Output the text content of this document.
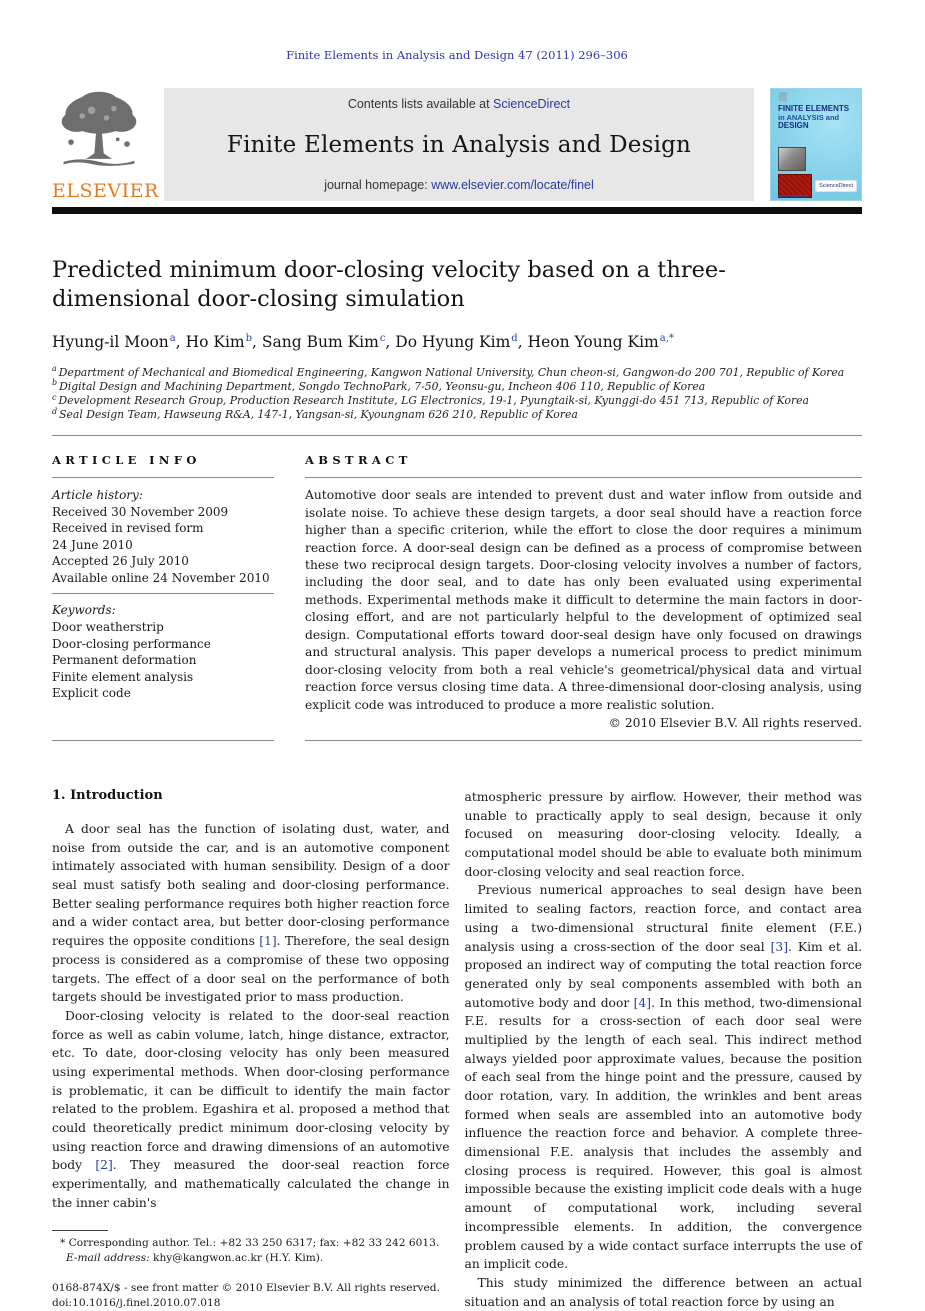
Finite Elements in Analysis and Design 47 (2011) 296–306
ELSEVIER
Contents lists available at ScienceDirect
Finite Elements in Analysis and Design
journal homepage: www.elsevier.com/locate/finel
FINITE ELEMENTS
in ANALYSIS and
DESIGN
ScienceDirect
Predicted minimum door-closing velocity based on a three-dimensional door-closing simulation
Hyung-il Moon$^a$ , Ho Kim$^b$ , Sang Bum Kim$^c$ , Do Hyung Kim$^d$ , Heon Young Kim$^{a,*}$
$^a$ Department of Mechanical and Biomedical Engineering, Kangwon National University, Chun cheon-si, Gangwon-do 200 701, Republic of Korea
$^b$ Digital Design and Machining Department, Songdo TechnoPark, 7-50, Yeonsu-gu, Incheon 406 110, Republic of Korea
$^c$ Development Research Group, Production Research Institute, LG Electronics, 19-1, Pyungtaik-si, Kyunggi-do 451 713, Republic of Korea
$^d$ Seal Design Team, Hawseung R&A, 147-1, Yangsan-si, Kyoungnam 626 210, Republic of Korea
ARTICLE INFO
Article history:
Received 30 November 2009
Received in revised form
24 June 2010
Accepted 26 July 2010
Available online 24 November 2010
Keywords:
Door weatherstrip
Door-closing performance
Permanent deformation
Finite element analysis
Explicit code
ABSTRACT
Automotive door seals are intended to prevent dust and water inflow from outside and isolate noise. To achieve these design targets, a door seal should have a reaction force higher than a specific criterion, while the effort to close the door requires a minimum reaction force. A door-seal design can be defined as a process of compromise between these two reciprocal design targets. Door-closing velocity involves a number of factors, including the door seal, and to date has only been evaluated using experimental methods. Experimental methods make it difficult to determine the main factors in door-closing effort, and are not particularly helpful to the development of optimized seal design. Computational efforts toward door-seal design have only focused on drawings and structural analysis. This paper develops a numerical process to predict minimum door-closing velocity from both a real vehicle's geometrical/physical data and virtual reaction force versus closing time data. A three-dimensional door-closing analysis, using explicit code was introduced to produce a more realistic solution.
© 2010 Elsevier B.V. All rights reserved.
1. Introduction

A door seal has the function of isolating dust, water, and noise from outside the car, and is an automotive component intimately associated with human sensibility. Design of a door seal must satisfy both sealing and door-closing performance. Better sealing performance requires both higher reaction force and a wider contact area, but better door-closing performance requires the opposite conditions [1]. Therefore, the seal design process is considered as a compromise of these two opposing targets. The effect of a door seal on the performance of both targets should be investigated prior to mass production.

Door-closing velocity is related to the door-seal reaction force as well as cabin volume, latch, hinge distance, extractor, etc. To date, door-closing velocity has only been measured using experimental methods. When door-closing performance is problematic, it can be difficult to identify the main factor related to the problem. Egashira et al. proposed a method that could theoretically predict minimum door-closing velocity by using reaction force and drawing dimensions of an automotive body [2]. They measured the door-seal reaction force experimentally, and mathematically calculated the change in the inner cabin's

* Corresponding author. Tel.: +82 33 250 6317; fax: +82 33 242 6013.
E-mail address: khy@kangwon.ac.kr (H.Y. Kim).
0168-874X/$ - see front matter © 2010 Elsevier B.V. All rights reserved.
doi:10.1016/j.finel.2010.07.018

atmospheric pressure by airflow. However, their method was unable to practically apply to seal design, because it only focused on measuring door-closing velocity. Ideally, a computational model should be able to evaluate both minimum door-closing velocity and seal reaction force.

Previous numerical approaches to seal design have been limited to sealing factors, reaction force, and contact area using a two-dimensional structural finite element (F.E.) analysis using a cross-section of the door seal [3]. Kim et al. proposed an indirect way of computing the total reaction force generated only by seal components assembled with both an automotive body and door [4]. In this method, two-dimensional F.E. results for a cross-section of each door seal were multiplied by the length of each seal. This indirect method always yielded poor approximate values, because the position of each seal from the hinge point and the pressure, caused by door rotation, vary. In addition, the wrinkles and bent areas formed when seals are assembled into an automotive body influence the reaction force and behavior. A complete three-dimensional F.E. analysis that includes the assembly and closing process is required. However, this goal is almost impossible because the existing implicit code deals with a huge amount of computational work, including several incompressible elements. In addition, the convergence problem caused by a wide contact surface interrupts the use of an implicit code.

This study minimized the difference between an actual situation and an analysis of total reaction force by using an
